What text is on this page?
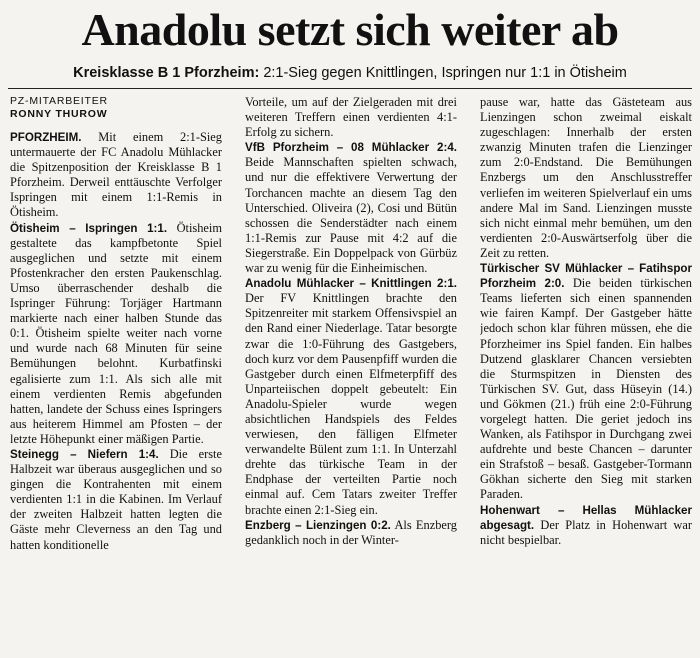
Anadolu setzt sich weiter ab
Kreisklasse B 1 Pforzheim: 2:1-Sieg gegen Knittlingen, Ispringen nur 1:1 in Ötisheim
PZ-MITARBEITER
RONNY THUROW

PFORZHEIM. Mit einem 2:1-Sieg untermauerte der FC Anadolu Mühlacker die Spitzenposition der Kreisklasse B 1 Pforzheim. Derweil enttäuschte Verfolger Ispringen mit einem 1:1-Remis in Ötisheim.

Ötisheim – Ispringen 1:1. Ötisheim gestaltete das kampfbetonte Spiel ausgeglichen und setzte mit einem Pfostenkracher den ersten Paukenschlag. Umso überraschender deshalb die Ispringer Führung: Torjäger Hartmann markierte nach einer halben Stunde das 0:1. Ötisheim spielte weiter nach vorne und wurde nach 68 Minuten für seine Bemühungen belohnt. Kurbatfinski egalisierte zum 1:1. Als sich alle mit einem verdienten Remis abgefunden hatten, landete der Schuss eines Ispringers aus heiterem Himmel am Pfosten – der letzte Höhepunkt einer mäßigen Partie.

Steinegg – Niefern 1:4. Die erste Halbzeit war überaus ausgeglichen und so gingen die Kontrahenten mit einem verdienten 1:1 in die Kabinen. Im Verlauf der zweiten Halbzeit hatten legten die Gäste mehr Cleverness an den Tag und hatten konditionelle

Vorteile, um auf der Zielgeraden mit drei weiteren Treffern einen verdienten 4:1-Erfolg zu sichern.

VfB Pforzheim – 08 Mühlacker 2:4. Beide Mannschaften spielten schwach, und nur die effektivere Verwertung der Torchancen machte an diesem Tag den Unterschied. Oliveira (2), Cosi und Bütün schossen die Senderstädter nach einem 1:1-Remis zur Pause mit 4:2 auf die Siegerstraße. Ein Doppelpack von Gürbüz war zu wenig für die Einheimischen.

Anadolu Mühlacker – Knittlingen 2:1. Der FV Knittlingen brachte den Spitzenreiter mit starkem Offensivspiel an den Rand einer Niederlage. Tatar besorgte zwar die 1:0-Führung des Gastgebers, doch kurz vor dem Pausenpfiff wurden die Gastgeber durch einen Elfmeterpfiff des Unparteiischen doppelt gebeutelt: Ein Anadolu-Spieler wurde wegen absichtlichen Handspiels des Feldes verwiesen, den fälligen Elfmeter verwandelte Bülent zum 1:1. In Unterzahl drehte das türkische Team in der Endphase der verteilten Partie noch einmal auf. Cem Tatars zweiter Treffer brachte einen 2:1-Sieg ein.

Enzberg – Lienzingen 0:2. Als Enzberg gedanklich noch in der Winter-

pause war, hatte das Gästeteam aus Lienzingen schon zweimal eiskalt zugeschlagen: Innerhalb der ersten zwanzig Minuten trafen die Lienzinger zum 2:0-Endstand. Die Bemühungen Enzbergs um den Anschlusstreffer verliefen im weiteren Spielverlauf ein ums andere Mal im Sand. Lienzingen musste sich nicht einmal mehr bemühen, um den verdienten 2:0-Auswärtserfolg über die Zeit zu retten.

Türkischer SV Mühlacker – Fatihspor Pforzheim 2:0. Die beiden türkischen Teams lieferten sich einen spannenden wie fairen Kampf. Der Gastgeber hätte jedoch schon klar führen müssen, ehe die Pforzheimer ins Spiel fanden. Ein halbes Dutzend glasklarer Chancen versiebten die Sturmspitzen in Diensten des Türkischen SV. Gut, dass Hüseyin (14.) und Gökmen (21.) früh eine 2:0-Führung vorgelegt hatten. Die geriet jedoch ins Wanken, als Fatihspor in Durchgang zwei aufdrehte und beste Chancen – darunter ein Strafstoß – besaß. Gastgeber-Tormann Gökhan sicherte den Sieg mit starken Paraden.

Hohenwart – Hellas Mühlacker abgesagt. Der Platz in Hohenwart war nicht bespielbar.
